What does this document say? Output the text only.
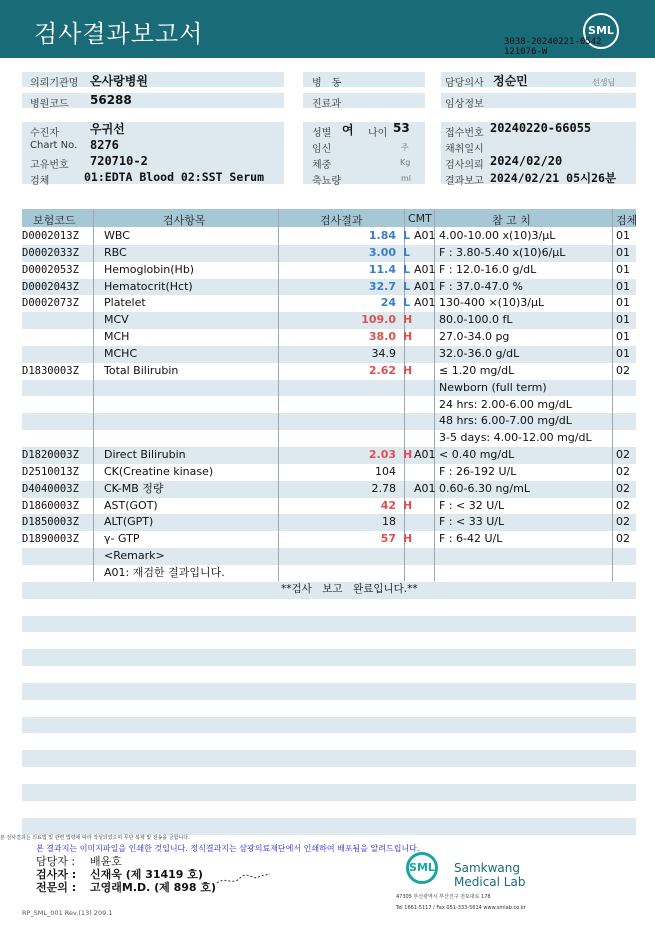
검사결과보고서	SML
3038-20240221-0542
121076-W
의뢰기관명 온사랑병원
병원코드 56288
병　동
진료과
담당의사 정순민	선생님
임상정보
수진자	우귀선
Chart No. 8276
고유번호 720710-2
검체	01:EDTA Blood 02:SST Serum
성별 여 나이 53
임신	주
체중	Kg
축뇨량	ml
접수번호 20240220-66055
채취일시
검사의뢰 2024/02/20
결과보고 2024/02/21 05시26분
보험코드	검사항목	검사결과	CMT	참 고 치	검체
D0002013Z WBC	1.84 L A01 4.00-10.00 x(10)3/μL	01
D0002033Z RBC	3.00 L	F : 3.80-5.40 x(10)6/μL	01
D0002053Z Hemoglobin(Hb)	11.4 L A01 F : 12.0-16.0 g/dL	01
D0002043Z Hematocrit(Hct)	32.7 L A01 F : 37.0-47.0 %	01
D0002073Z Platelet	24 L A01 130-400 ×(10)3/μL	01
MCV	109.0 H 80.0-100.0 fL	01
MCH	38.0 H 27.0-34.0 pg	01
MCHC	34.9	32.0-36.0 g/dL	01
D1830003Z Total Bilirubin	2.62 H ≤ 1.20 mg/dL	02
Newborn (full term)
24 hrs: 2.00-6.00 mg/dL
48 hrs: 6.00-7.00 mg/dL
3-5 days: 4.00-12.00 mg/dL
D1820003Z Direct Bilirubin	2.03 H A01 < 0.40 mg/dL	02
D2510013Z CK(Creatine kinase)	104	F : 26-192 U/L	02
D4040003Z CK-MB 정량	2.78 A01 0.60-6.30 ng/mL	02
D1860003Z AST(GOT)	42 H F : < 32 U/L	02
D1850003Z ALT(GPT)	18	F : < 33 U/L	02
D1890003Z γ- GTP	57 H F : 6-42 U/L	02
<Remark>
A01: 재검한 결과입니다.
**검사　보고　완료입니다.**
본 검사결과는 의료법 및 관련 법령에 따라 작성되었으며 무단 복제 및 전송을 금합니다.
본 결과지는 이미지파일을 인쇄한 것입니다. 정식결과지는 삼광의료재단에서 인쇄하여 배포됨을 알려드립니다.
담당자 : 배윤호
검사자 : 신재욱 (제 31419 호)
전문의 : 고영래M.D. (제 898 호)
SML Samkwang
Medical Lab
47305 부산광역시 부산진구 전포대로 178
Tel 1661-5117 / Fax 051-333-5614 www.smlab.co.kr
RP_SML_001 Rev.(13) 209.1
